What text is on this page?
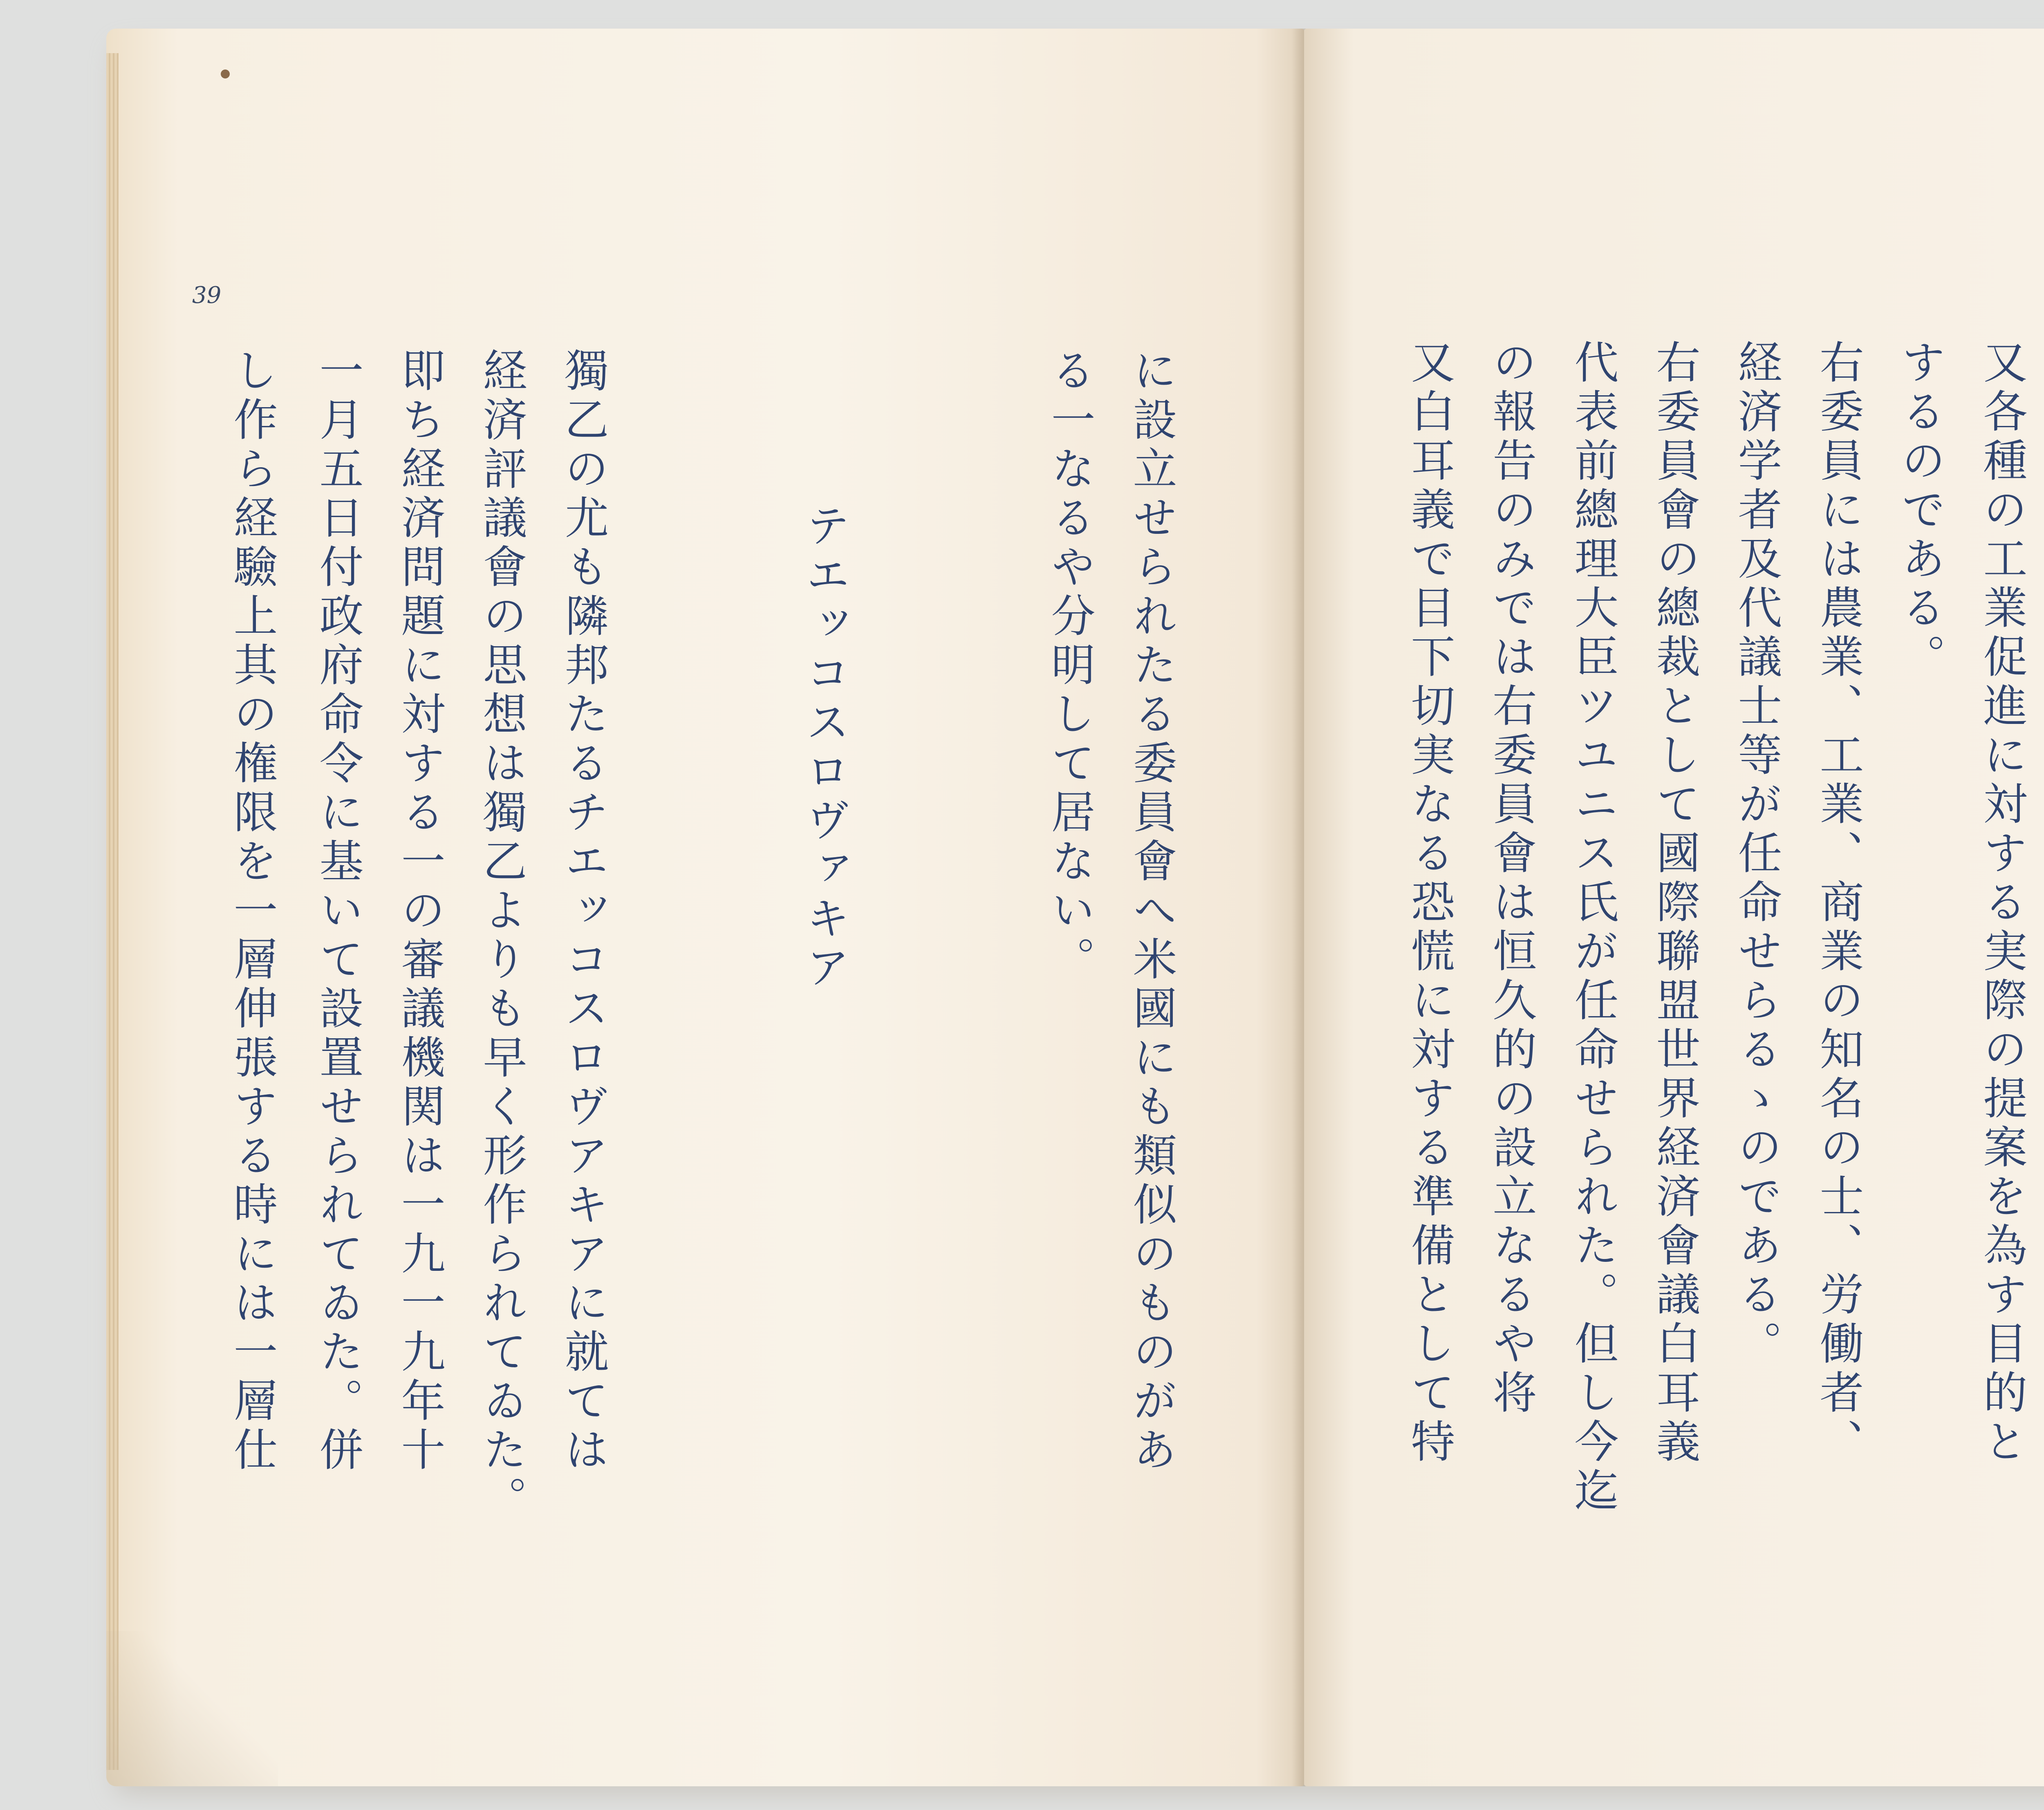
39

に設立せられたる委員會へ米國にも類似のものがあ
る一なるや分明して居ない。
テエッコスロヴァキア
獨乙の尤も隣邦たるチエッコスロヴアキアに就ては
経済評議會の思想は獨乙よりも早く形作られてゐた。
即ち経済問題に対する一の審議機関は一九一九年十
一月五日付政府命令に基いて設置せられてゐた。併
し作ら経驗上其の権限を一層伸張する時には一層仕	又各種の工業促進に対する実際の提案を為す目的と
するのである。
右委員には農業、工業、商業の知名の士、労働者、
経済学者及代議士等が任命せらるゝのである。
右委員會の總裁として國際聯盟世界経済會議白耳義
代表前總理大臣ツユニス氏が任命せられた。但し今迄
の報告のみでは右委員會は恒久的の設立なるや将
又白耳義で目下切実なる恐慌に対する準備として特
